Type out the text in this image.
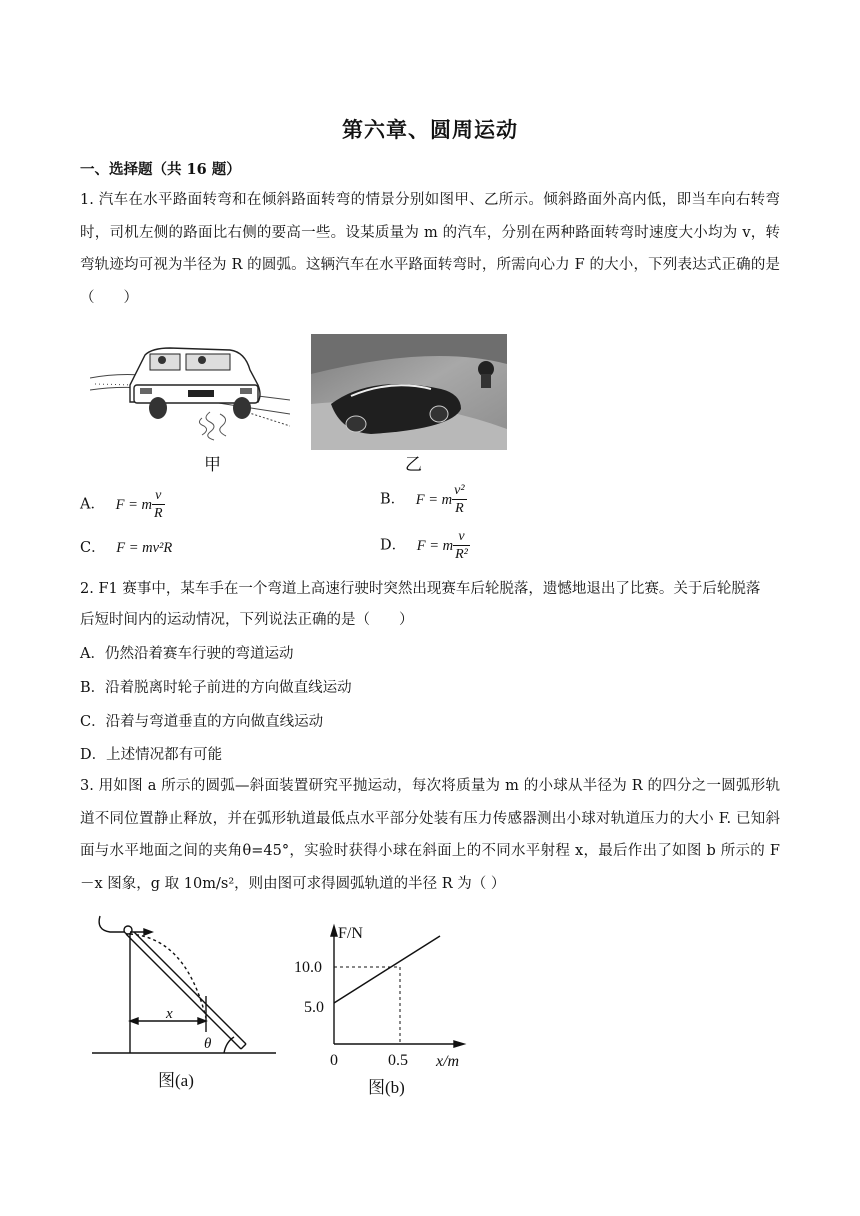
第六章、圆周运动
一、选择题（共 16 题）
1. 汽车在水平路面转弯和在倾斜路面转弯的情景分别如图甲、乙所示。倾斜路面外高内低，即当车向右转弯时，司机左侧的路面比右侧的要高一些。设某质量为 m 的汽车，分别在两种路面转弯时速度大小均为 v，转弯轨迹均可视为半径为 R 的圆弧。这辆汽车在水平路面转弯时，所需向心力 F 的大小，下列表达式正确的是（　　）
甲	乙
A． F = m $\frac{v}{R}$	B． F = m $\frac{\text{v²}}{R}$
C． F = mv²R	D． F = m $\frac{v}{\text{R²}}$
2. F1 赛事中，某车手在一个弯道上高速行驶时突然出现赛车后轮脱落，遗憾地退出了比赛。关于后轮脱落
后短时间内的运动情况，下列说法正确的是（　　）
A．仍然沿着赛车行驶的弯道运动
B．沿着脱离时轮子前进的方向做直线运动
C．沿着与弯道垂直的方向做直线运动
D．上述情况都有可能
3. 用如图 a 所示的圆弧—斜面装置研究平抛运动，每次将质量为 m 的小球从半径为 R 的四分之一圆弧形轨道不同位置静止释放，并在弧形轨道最低点水平部分处装有压力传感器测出小球对轨道压力的大小 F. 已知斜面与水平地面之间的夹角θ=45°，实验时获得小球在斜面上的不同水平射程 x，最后作出了如图 b 所示的 F－x 图象，g 取 10m/s²，则由图可求得圆弧轨道的半径 R 为（ ）
x
θ
图(a)
F/N
10.0
5.0
0	0.5 x/m
图(b)
